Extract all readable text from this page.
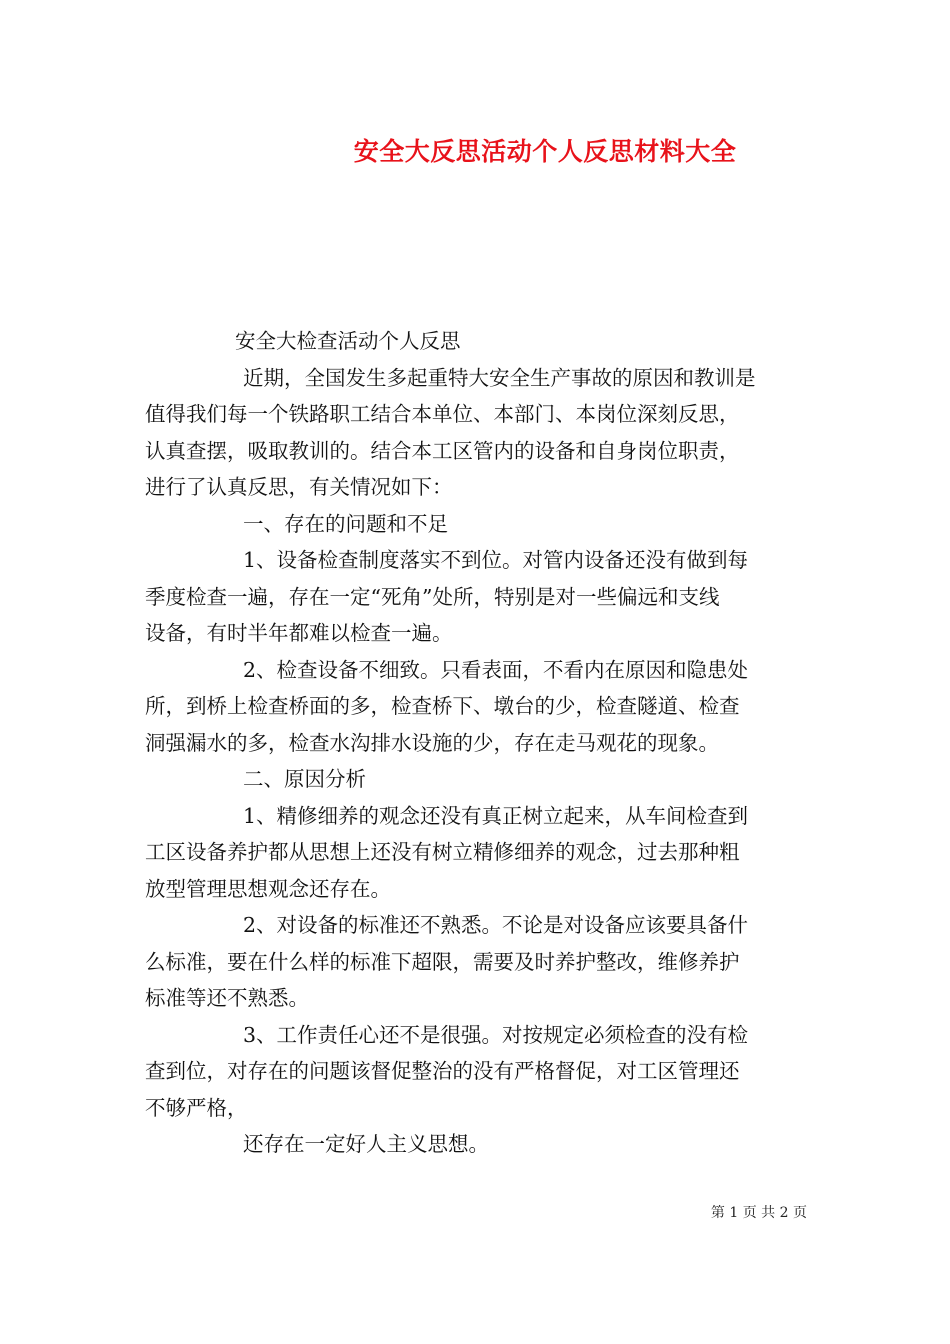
安全大反思活动个人反思材料大全
安全大检查活动个人反思
近期，全国发生多起重特大安全生产事故的原因和教训是
值得我们每一个铁路职工结合本单位、本部门、本岗位深刻反思，
认真查摆，吸取教训的。结合本工区管内的设备和自身岗位职责，
进行了认真反思，有关情况如下：
一、存在的问题和不足
1、设备检查制度落实不到位。对管内设备还没有做到每
季度检查一遍，存在一定“死角”处所，特别是对一些偏远和支线
设备，有时半年都难以检查一遍。
2、检查设备不细致。只看表面，不看内在原因和隐患处
所，到桥上检查桥面的多，检查桥下、墩台的少，检查隧道、检查
洞强漏水的多，检查水沟排水设施的少，存在走马观花的现象。
二、原因分析
1、精修细养的观念还没有真正树立起来，从车间检查到
工区设备养护都从思想上还没有树立精修细养的观念，过去那种粗
放型管理思想观念还存在。
2、对设备的标准还不熟悉。不论是对设备应该要具备什
么标准，要在什么样的标准下超限，需要及时养护整改，维修养护
标准等还不熟悉。
3、工作责任心还不是很强。对按规定必须检查的没有检
查到位，对存在的问题该督促整治的没有严格督促，对工区管理还
不够严格，
还存在一定好人主义思想。
第 1 页 共 2 页
